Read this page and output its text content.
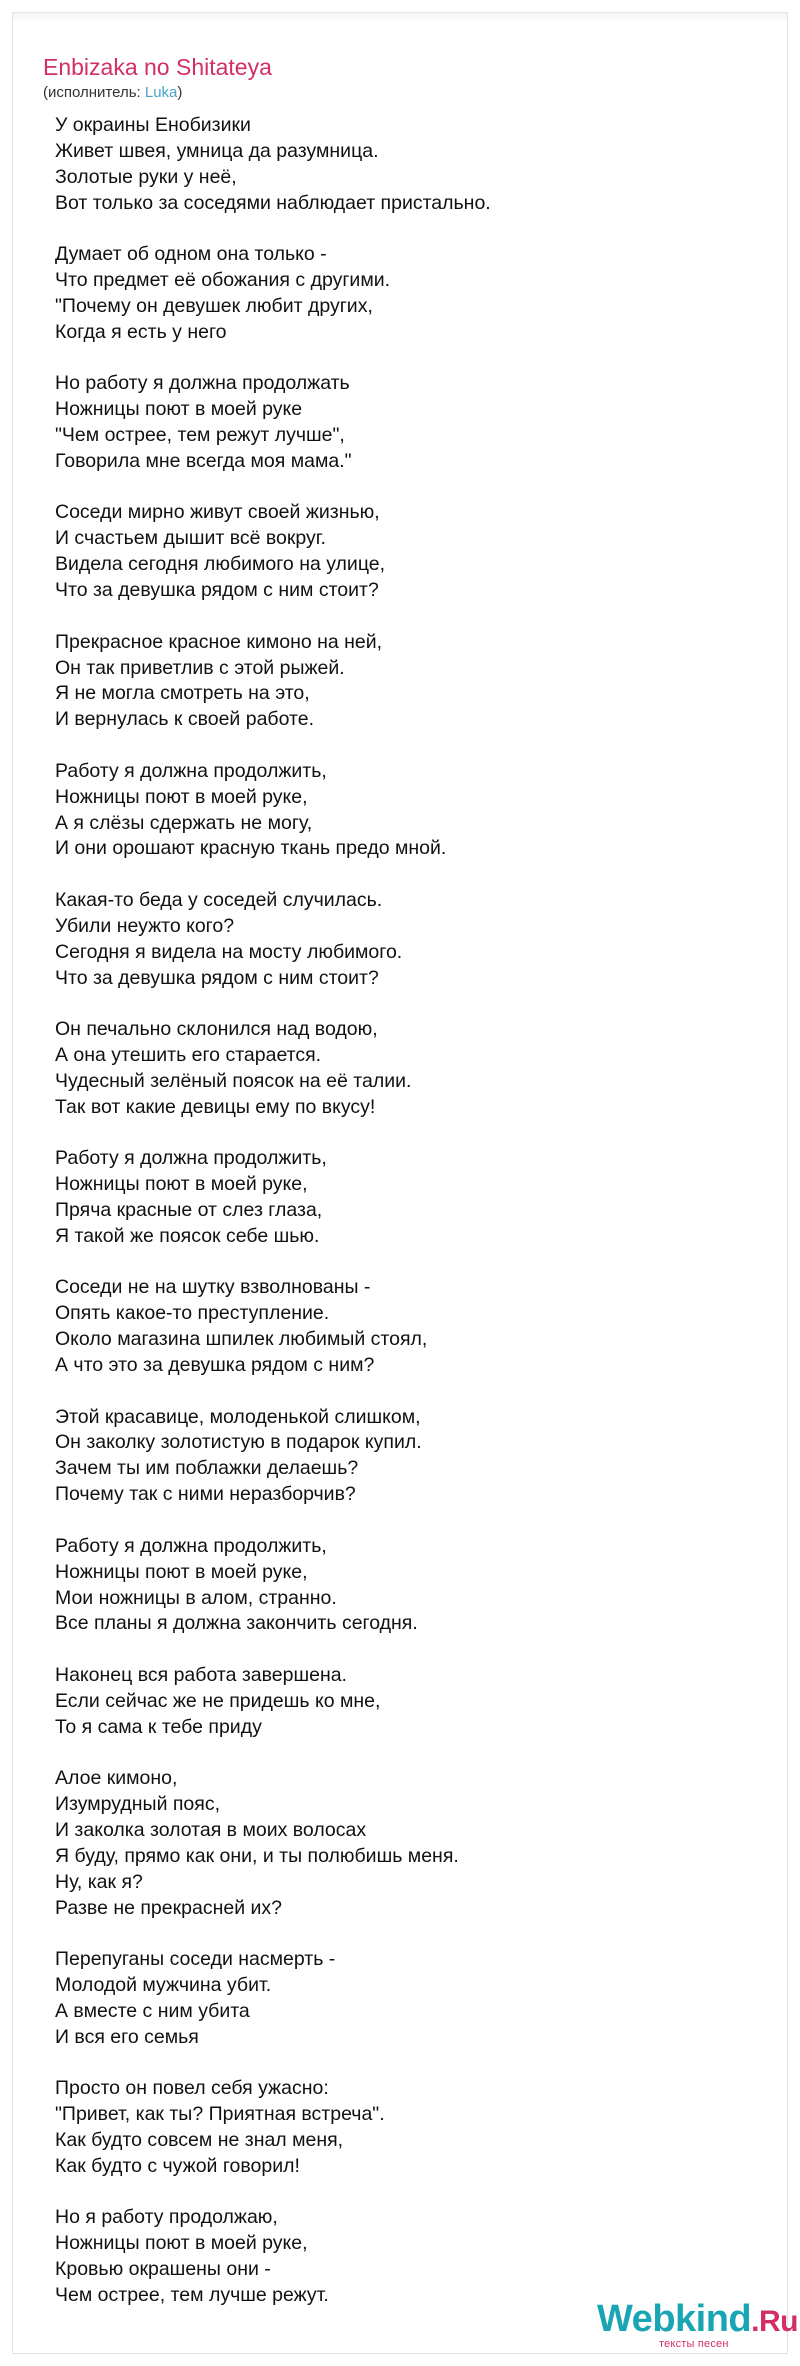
Enbizaka no Shitateya
(исполнитель: Luka)
У окраины Енобизики
Живет швея, умница да разумница.
Золотые руки у неё,
Вот только за соседями наблюдает пристально.
Думает об одном она только -
Что предмет её обожания с другими.
"Почему он девушек любит других,
Когда я есть у него
Но работу я должна продолжать
Ножницы поют в моей руке
"Чем острее, тем режут лучше",
Говорила мне всегда моя мама."
Соседи мирно живут своей жизнью,
И счастьем дышит всё вокруг.
Видела сегодня любимого на улице,
Что за девушка рядом с ним стоит?
Прекрасное красное кимоно на ней,
Он так приветлив с этой рыжей.
Я не могла смотреть на это,
И вернулась к своей работе.
Работу я должна продолжить,
Ножницы поют в моей руке,
А я слёзы сдержать не могу,
И они орошают красную ткань предо мной.
Какая-то беда у соседей случилась.
Убили неужто кого?
Сегодня я видела на мосту любимого.
Что за девушка рядом с ним стоит?
Он печально склонился над водою,
А она утешить его старается.
Чудесный зелёный поясок на её талии.
Так вот какие девицы ему по вкусу!
Работу я должна продолжить,
Ножницы поют в моей руке,
Пряча красные от слез глаза,
Я такой же поясок себе шью.
Соседи не на шутку взволнованы -
Опять какое-то преступление.
Около магазина шпилек любимый стоял,
А что это за девушка рядом с ним?
Этой красавице, молоденькой слишком,
Он заколку золотистую в подарок купил.
Зачем ты им поблажки делаешь?
Почему так с ними неразборчив?
Работу я должна продолжить,
Ножницы поют в моей руке,
Мои ножницы в алом, странно.
Все планы я должна закончить сегодня.
Наконец вся работа завершена.
Если сейчас же не придешь ко мне,
То я сама к тебе приду
Алое кимоно,
Изумрудный пояс,
И заколка золотая в моих волосах
Я буду, прямо как они, и ты полюбишь меня.
Ну, как я?
Разве не прекрасней их?
Перепуганы соседи насмерть -
Молодой мужчина убит.
А вместе с ним убита
И вся его семья
Просто он повел себя ужасно:
"Привет, как ты? Приятная встреча".
Как будто совсем не знал меня,
Как будто с чужой говорил!
Но я работу продолжаю,
Ножницы поют в моей руке,
Кровью окрашены они -
Чем острее, тем лучше режут.
Webkind.Ru
тексты песен
